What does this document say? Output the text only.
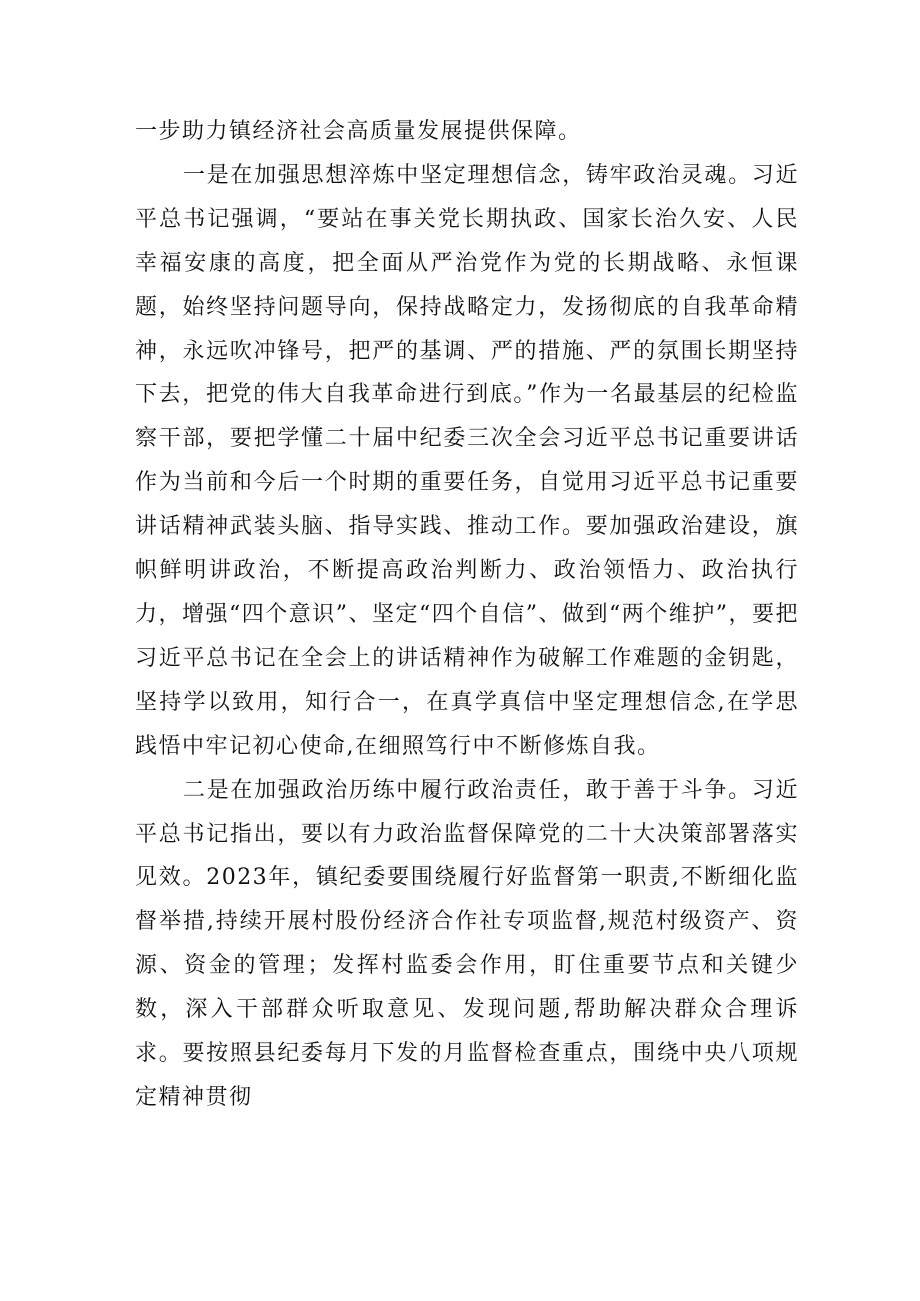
一步助力镇经济社会高质量发展提供保障。

一是在加强思想淬炼中坚定理想信念，铸牢政治灵魂。习近平总书记强调，“要站在事关党长期执政、国家长治久安、人民幸福安康的高度，把全面从严治党作为党的长期战略、永恒课题，始终坚持问题导向，保持战略定力，发扬彻底的自我革命精神，永远吹冲锋号，把严的基调、严的措施、严的氛围长期坚持下去，把党的伟大自我革命进行到底。”作为一名最基层的纪检监察干部，要把学懂二十届中纪委三次全会习近平总书记重要讲话作为当前和今后一个时期的重要任务，自觉用习近平总书记重要讲话精神武装头脑、指导实践、推动工作。要加强政治建设，旗帜鲜明讲政治，不断提高政治判断力、政治领悟力、政治执行力，增强“四个意识”、坚定“四个自信”、做到“两个维护”，要把习近平总书记在全会上的讲话精神作为破解工作难题的金钥匙，坚持学以致用，知行合一，在真学真信中坚定理想信念,在学思践悟中牢记初心使命,在细照笃行中不断修炼自我。

二是在加强政治历练中履行政治责任，敢于善于斗争。习近平总书记指出，要以有力政治监督保障党的二十大决策部署落实见效。2023年，镇纪委要围绕履行好监督第一职责,不断细化监督举措,持续开展村股份经济合作社专项监督,规范村级资产、资源、资金的管理；发挥村监委会作用，盯住重要节点和关键少数，深入干部群众听取意见、发现问题,帮助解决群众合理诉求。要按照县纪委每月下发的月监督检查重点，围绕中央八项规定精神贯彻
